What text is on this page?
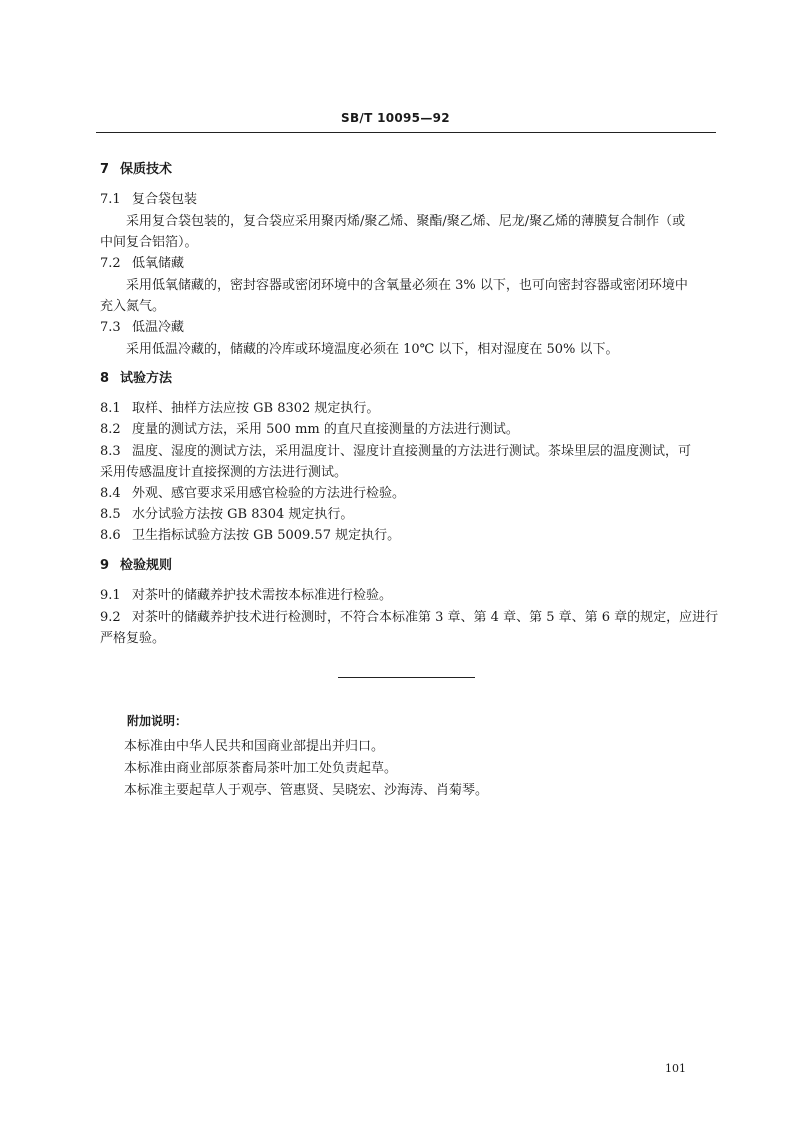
SB/T 10095—92
7 保质技术
7.1 复合袋包装
采用复合袋包装的，复合袋应采用聚丙烯/聚乙烯、聚酯/聚乙烯、尼龙/聚乙烯的薄膜复合制作（或
中间复合铝箔）。
7.2 低氧储藏
采用低氧储藏的，密封容器或密闭环境中的含氧量必须在 3% 以下，也可向密封容器或密闭环境中
充入氮气。
7.3 低温冷藏
采用低温冷藏的，储藏的冷库或环境温度必须在 10℃ 以下，相对湿度在 50% 以下。
8 试验方法
8.1 取样、抽样方法应按 GB 8302 规定执行。
8.2 度量的测试方法，采用 500 mm 的直尺直接测量的方法进行测试。
8.3 温度、湿度的测试方法，采用温度计、湿度计直接测量的方法进行测试。茶垛里层的温度测试，可
采用传感温度计直接探测的方法进行测试。
8.4 外观、感官要求采用感官检验的方法进行检验。
8.5 水分试验方法按 GB 8304 规定执行。
8.6 卫生指标试验方法按 GB 5009.57 规定执行。
9 检验规则
9.1 对茶叶的储藏养护技术需按本标准进行检验。
9.2 对茶叶的储藏养护技术进行检测时，不符合本标准第 3 章、第 4 章、第 5 章、第 6 章的规定，应进行
严格复验。
附加说明：
本标准由中华人民共和国商业部提出并归口。
本标准由商业部原茶畜局茶叶加工处负责起草。
本标准主要起草人于观亭、管惠贤、吴晓宏、沙海涛、肖菊琴。
101
